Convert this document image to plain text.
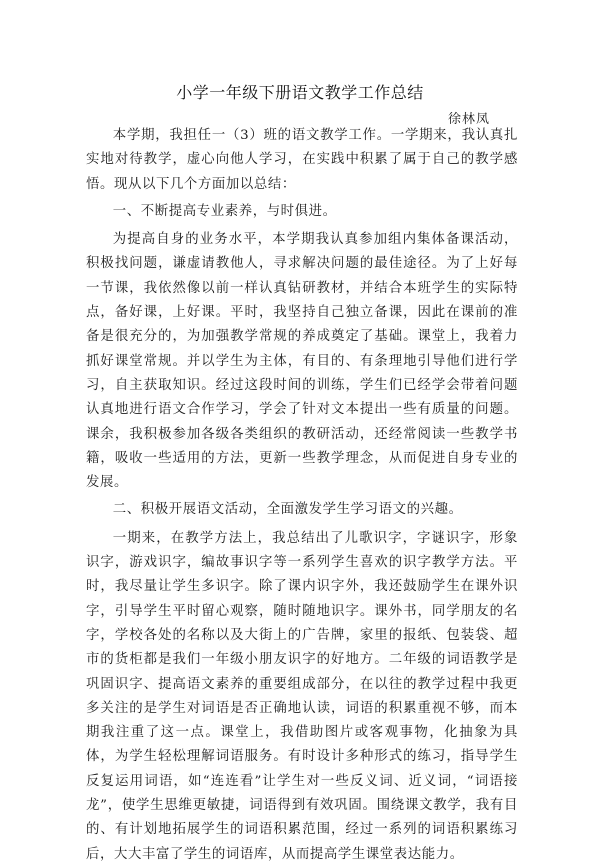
小学一年级下册语文教学工作总结
徐林凤

本学期，我担任一（3）班的语文教学工作。一学期来，我认真扎实地对待教学，虚心向他人学习，在实践中积累了属于自己的教学感悟。现从以下几个方面加以总结：

一、不断提高专业素养，与时俱进。

为提高自身的业务水平，本学期我认真参加组内集体备课活动，积极找问题，谦虚请教他人，寻求解决问题的最佳途径。为了上好每一节课，我依然像以前一样认真钻研教材，并结合本班学生的实际特点，备好课，上好课。平时，我坚持自己独立备课，因此在课前的准备是很充分的，为加强教学常规的养成奠定了基础。课堂上，我着力抓好课堂常规。并以学生为主体，有目的、有条理地引导他们进行学习，自主获取知识。经过这段时间的训练，学生们已经学会带着问题认真地进行语文合作学习，学会了针对文本提出一些有质量的问题。课余，我积极参加各级各类组织的教研活动，还经常阅读一些教学书籍，吸收一些适用的方法，更新一些教学理念，从而促进自身专业的发展。

二、积极开展语文活动，全面激发学生学习语文的兴趣。

一期来，在教学方法上，我总结出了儿歌识字，字谜识字，形象识字，游戏识字，编故事识字等一系列学生喜欢的识字教学方法。平时，我尽量让学生多识字。除了课内识字外，我还鼓励学生在课外识字，引导学生平时留心观察，随时随地识字。课外书，同学朋友的名字，学校各处的名称以及大街上的广告牌，家里的报纸、包装袋、超市的货柜都是我们一年级小朋友识字的好地方。二年级的词语教学是巩固识字、提高语文素养的重要组成部分，在以往的教学过程中我更多关注的是学生对词语是否正确地认读，词语的积累重视不够，而本期我注重了这一点。课堂上，我借助图片或客观事物，化抽象为具体，为学生轻松理解词语服务。有时设计多种形式的练习，指导学生反复运用词语，如“连连看”让学生对一些反义词、近义词，“词语接龙”，使学生思维更敏捷，词语得到有效巩固。围绕课文教学，我有目的、有计划地拓展学生的词语积累范围，经过一系列的词语积累练习后，大大丰富了学生的词语库，从而提高学生课堂表达能力。
